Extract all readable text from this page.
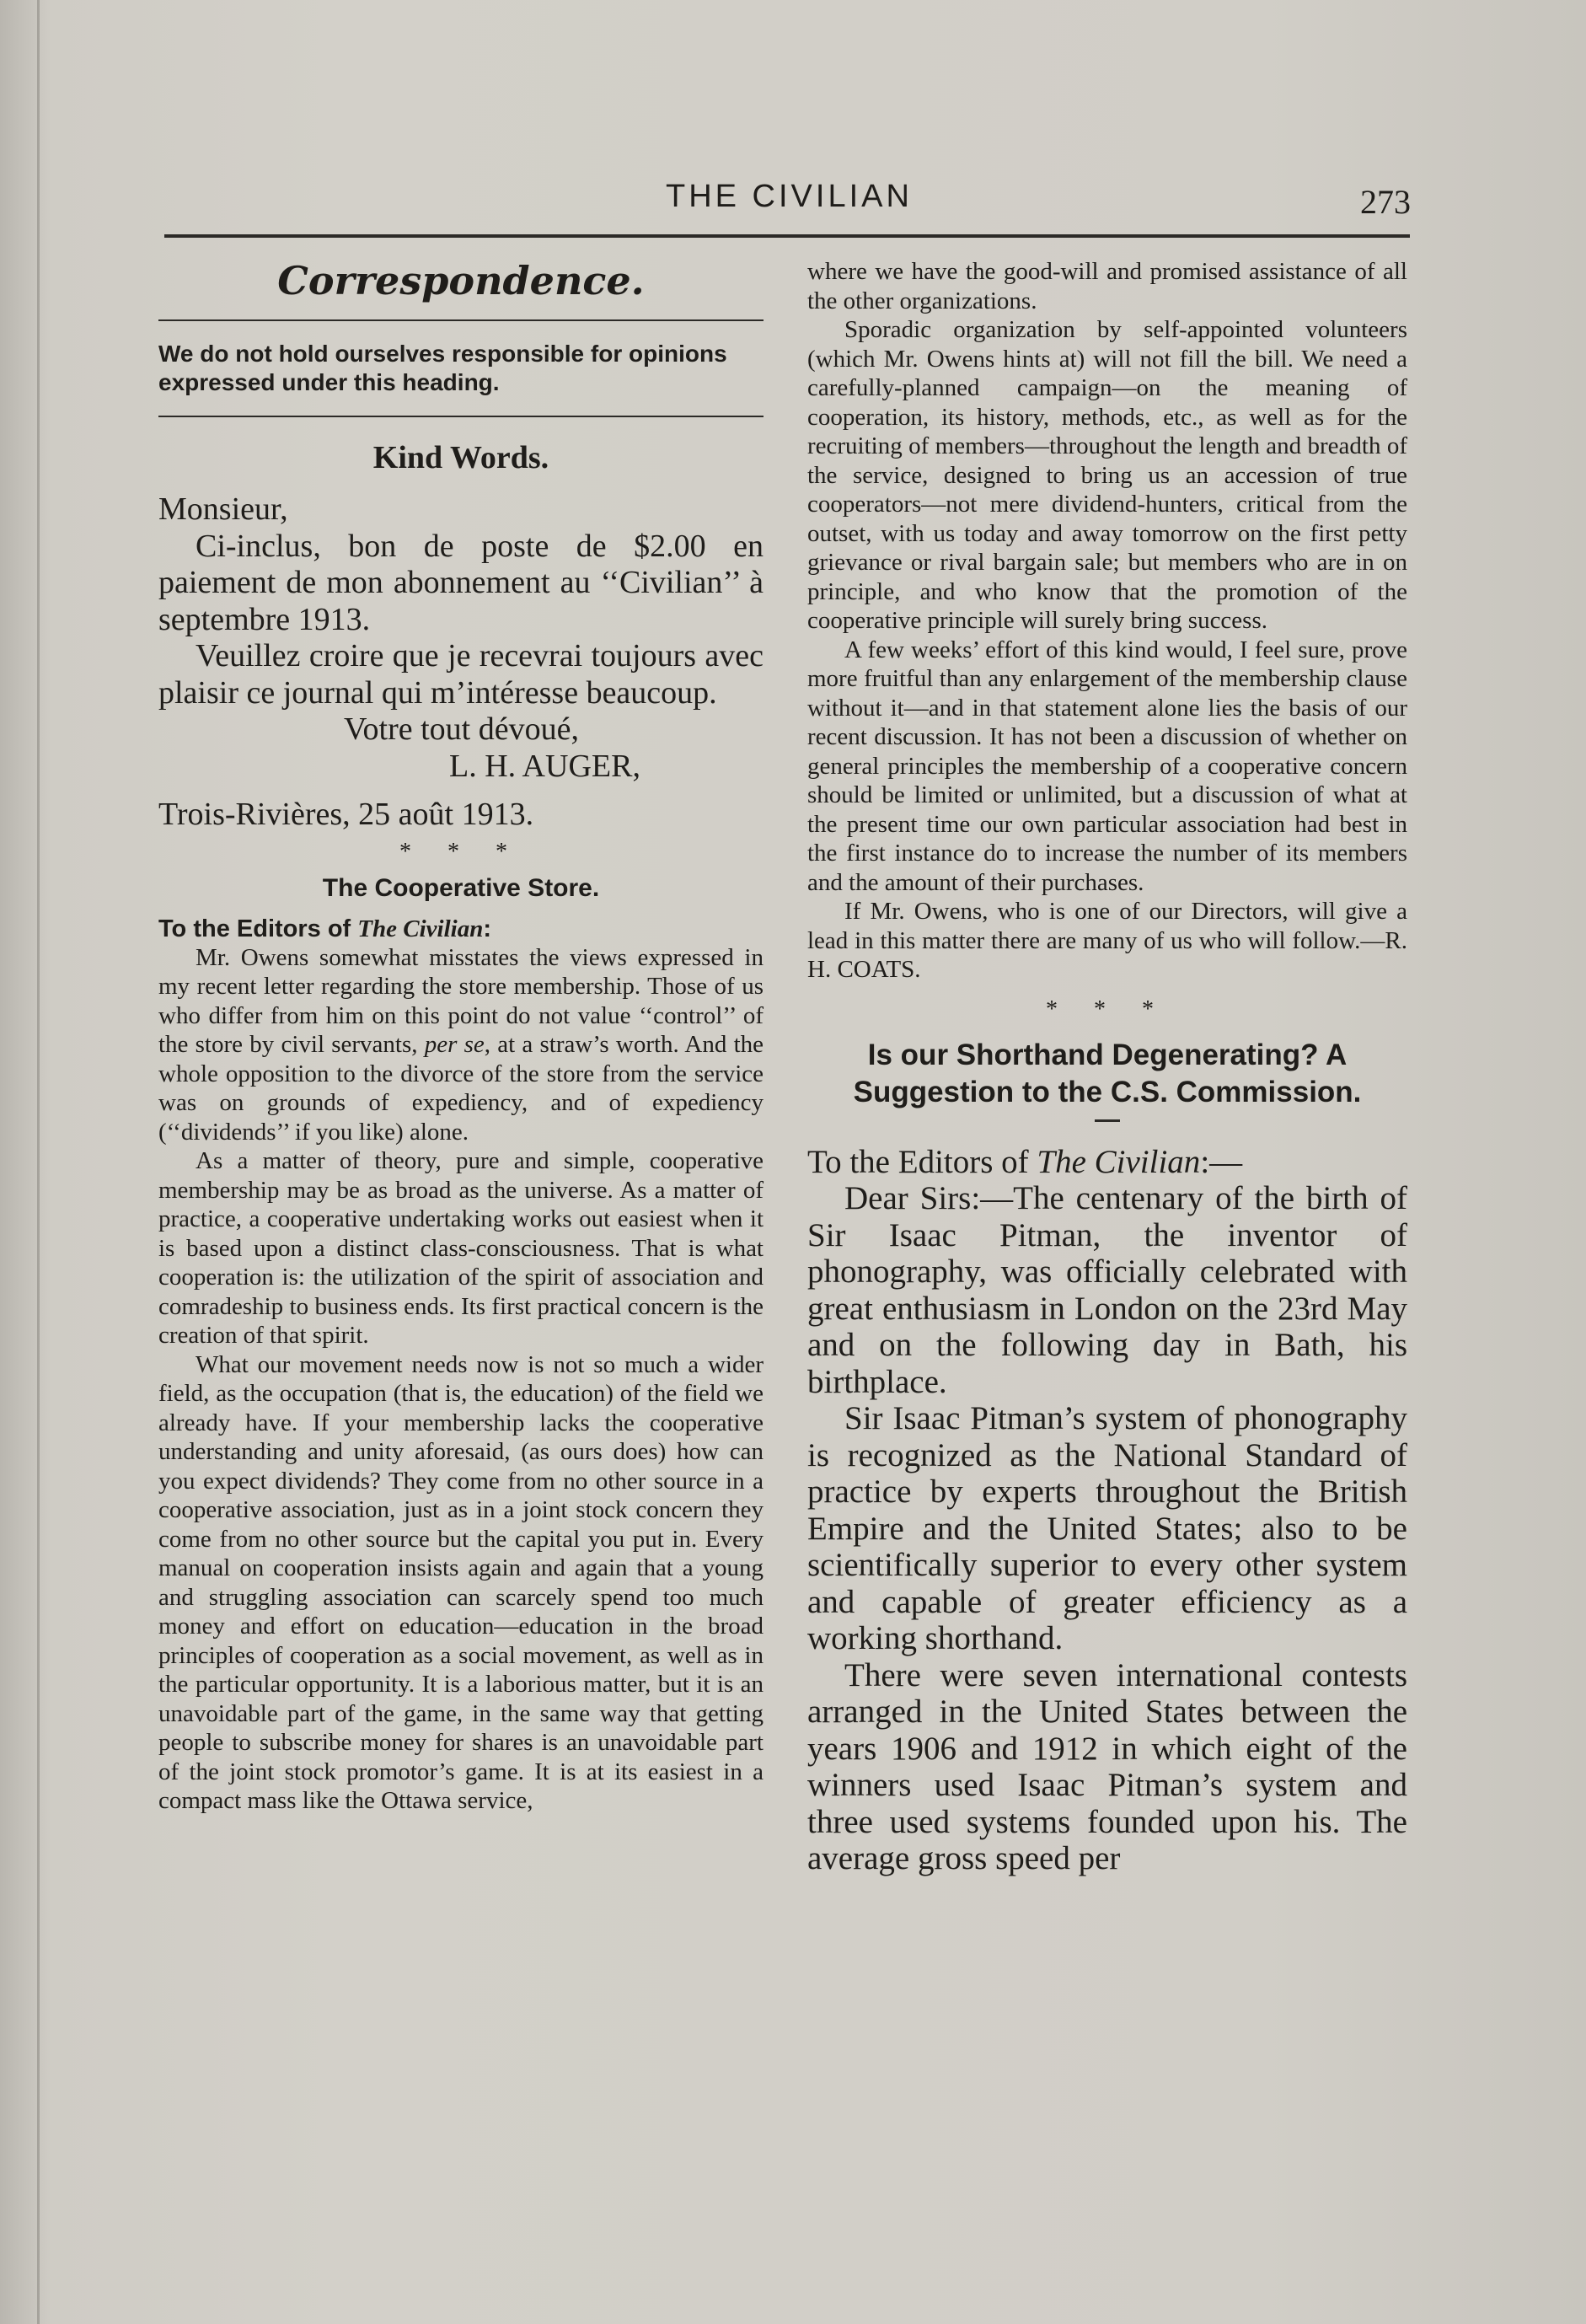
THE CIVILIAN	273
Correspondence.

We do not hold ourselves responsible for opinions expressed under this heading.

Kind Words.

Monsieur,

Ci-inclus, bon de poste de $2.00 en paiement de mon abonnement au ‘‘Civilian’’ à septembre 1913.

Veuillez croire que je recevrai toujours avec plaisir ce journal qui m’intéresse beaucoup.

Votre tout dévoué,

L. H. AUGER,

Trois-Rivières, 25 août 1913.

* * *
The Cooperative Store.

To the Editors of The Civilian:

Mr. Owens somewhat misstates the views expressed in my recent letter regarding the store membership. Those of us who differ from him on this point do not value ‘‘control’’ of the store by civil servants, per se, at a straw’s worth. And the whole opposition to the divorce of the store from the service was on grounds of expediency, and of expediency (‘‘dividends’’ if you like) alone.

As a matter of theory, pure and simple, cooperative membership may be as broad as the universe. As a matter of practice, a cooperative undertaking works out easiest when it is based upon a distinct class-consciousness. That is what cooperation is: the utilization of the spirit of association and comradeship to business ends. Its first practical concern is the creation of that spirit.

What our movement needs now is not so much a wider field, as the occupation (that is, the education) of the field we already have. If your membership lacks the cooperative understanding and unity aforesaid, (as ours does) how can you expect dividends? They come from no other source in a cooperative association, just as in a joint stock concern they come from no other source but the capital you put in. Every manual on cooperation insists again and again that a young and struggling association can scarcely spend too much money and effort on education—education in the broad principles of cooperation as a social movement, as well as in the particular opportunity. It is a laborious matter, but it is an unavoidable part of the game, in the same way that getting people to subscribe money for shares is an unavoidable part of the joint stock promotor’s game. It is at its easiest in a compact mass like the Ottawa service,

where we have the good-will and promised assistance of all the other organizations.

Sporadic organization by self-appointed volunteers (which Mr. Owens hints at) will not fill the bill. We need a carefully-planned campaign—on the meaning of cooperation, its history, methods, etc., as well as for the recruiting of members—throughout the length and breadth of the service, designed to bring us an accession of true cooperators—not mere dividend-hunters, critical from the outset, with us today and away tomorrow on the first petty grievance or rival bargain sale; but members who are in on principle, and who know that the promotion of the cooperative principle will surely bring success.

A few weeks’ effort of this kind would, I feel sure, prove more fruitful than any enlargement of the membership clause without it—and in that statement alone lies the basis of our recent discussion. It has not been a discussion of whether on general principles the membership of a cooperative concern should be limited or unlimited, but a discussion of what at the present time our own particular association had best in the first instance do to increase the number of its members and the amount of their purchases.

If Mr. Owens, who is one of our Directors, will give a lead in this matter there are many of us who will follow.—R. H. COATS.

* * *
Is our Shorthand Degenerating? A Suggestion to the C.S. Commission.

To the Editors of The Civilian:—

Dear Sirs:—The centenary of the birth of Sir Isaac Pitman, the inventor of phonography, was officially celebrated with great enthusiasm in London on the 23rd May and on the following day in Bath, his birthplace.

Sir Isaac Pitman’s system of phonography is recognized as the National Standard of practice by experts throughout the British Empire and the United States; also to be scientifically superior to every other system and capable of greater efficiency as a working shorthand.

There were seven international contests arranged in the United States between the years 1906 and 1912 in which eight of the winners used Isaac Pitman’s system and three used systems founded upon his. The average gross speed per
